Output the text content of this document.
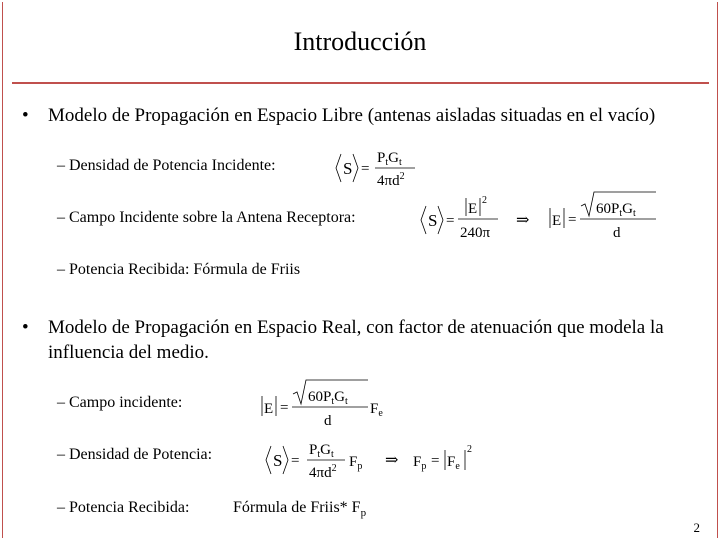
Introducción
• Modelo de Propagación en Espacio Libre (antenas aisladas situadas en el vacío)
– Densidad de Potencia Incidente:
– Campo Incidente sobre la Antena Receptora:
– Potencia Recibida: Fórmula de Friis
• Modelo de Propagación en Espacio Real, con factor de atenuación que modela la
influencia del medio.
– Campo incidente:
– Densidad de Potencia:
– Potencia Recibida:	Fórmula de Friis* $F_p$
S =
$P_tG_t$
$4\pi d^2$
S =
E
2
240π
⇒ E =
$60P_tG_t$
d
E =
$60P_tG_t$
d
$F_e$
S =
$P_tG_t$
$4\pi d^2$ $F_p$ ⇒ $F_p = F_e$
2
2
